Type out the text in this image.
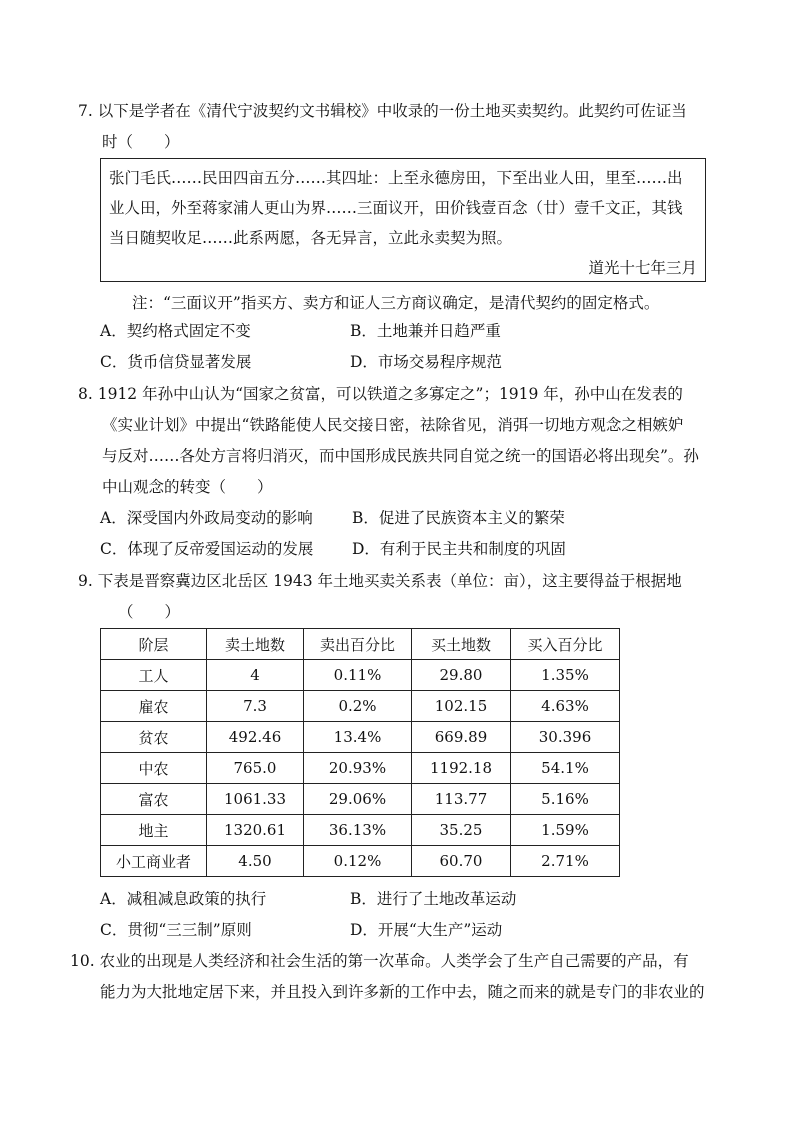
7. 以下是学者在《清代宁波契约文书辑校》中收录的一份土地买卖契约。此契约可佐证当
时（　　）
张门毛氏……民田四亩五分……其四址：上至永德房田，下至出业人田，里至……出
业人田，外至蒋家浦人更山为界……三面议开，田价钱壹百念（廿）壹千文正，其钱
当日随契收足……此系两愿，各无异言，立此永卖契为照。
道光十七年三月
注：“三面议开”指买方、卖方和证人三方商议确定，是清代契约的固定格式。
A．契约格式固定不变	B．土地兼并日趋严重
C．货币信贷显著发展	D．市场交易程序规范
8. 1912 年孙中山认为“国家之贫富，可以铁道之多寡定之”；1919 年，孙中山在发表的
《实业计划》中提出“铁路能使人民交接日密，祛除省见，消弭一切地方观念之相嫉妒
与反对……各处方言将归消灭，而中国形成民族共同自觉之统一的国语必将出现矣”。孙
中山观念的转变（　　）
A．深受国内外政局变动的影响	B．促进了民族资本主义的繁荣
C．体现了反帝爱国运动的发展	D．有利于民主共和制度的巩固
9. 下表是晋察冀边区北岳区 1943 年土地买卖关系表（单位：亩），这主要得益于根据地
（　　）
阶层	卖土地数	卖出百分比	买土地数	买入百分比
工人	4	0.11%	29.80	1.35%
雇农	7.3	0.2%	102.15	4.63%
贫农	492.46	13.4%	669.89	30.396
中农	765.0	20.93%	1192.18	54.1%
富农	1061.33	29.06%	113.77	5.16%
地主	1320.61	36.13%	35.25	1.59%
小工商业者	4.50	0.12%	60.70	2.71%
A．减租减息政策的执行	B．进行了土地改革运动
C．贯彻“三三制”原则	D．开展“大生产”运动
10. 农业的出现是人类经济和社会生活的第一次革命。人类学会了生产自己需要的产品，有
能力为大批地定居下来，并且投入到许多新的工作中去，随之而来的就是专门的非农业的
